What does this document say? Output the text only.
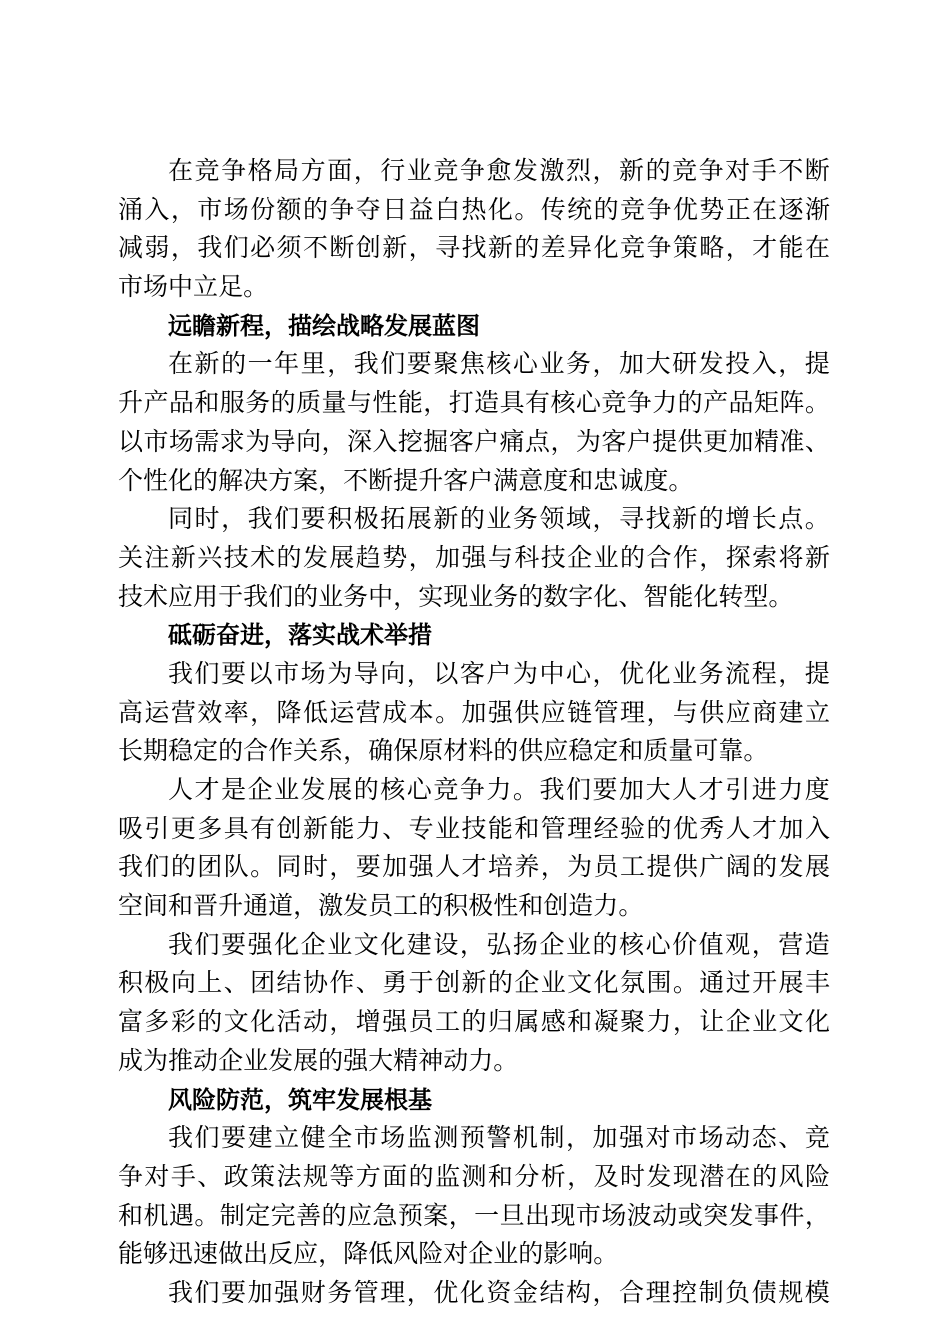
在 竞 争 格 局 方 面 ， 行 业 竞 争 愈 发 激 烈 ， 新 的 竞 争 对 手 不 断
涌 入 ， 市 场 份 额 的 争 夺 日 益 白 热 化 。 传 统 的 竞 争 优 势 正 在 逐 渐
减 弱 ， 我 们 必 须 不 断 创 新 ， 寻 找 新 的 差 异 化 竞 争 策 略 ， 才 能 在
市 场 中 立 足 。
远瞻新程，描绘战略发展蓝图
在 新 的 一 年 里 ， 我 们 要 聚 焦 核 心 业 务 ， 加 大 研 发 投 入 ， 提
升 产 品 和 服 务 的 质 量 与 性 能 ， 打 造 具 有 核 心 竞 争 力 的 产 品 矩 阵 。
以 市 场 需 求 为 导 向 ， 深 入 挖 掘 客 户 痛 点 ， 为 客 户 提 供 更 加 精 准 、
个 性 化 的 解 决 方 案 ， 不 断 提 升 客 户 满 意 度 和 忠 诚 度 。
同 时 ， 我 们 要 积 极 拓 展 新 的 业 务 领 域 ， 寻 找 新 的 增 长 点 。
关 注 新 兴 技 术 的 发 展 趋 势 ， 加 强 与 科 技 企 业 的 合 作 ， 探 索 将 新
技 术 应 用 于 我 们 的 业 务 中 ， 实 现 业 务 的 数 字 化 、 智 能 化 转 型 。
砥砺奋进，落实战术举措
我 们 要 以 市 场 为 导 向 ， 以 客 户 为 中 心 ， 优 化 业 务 流 程 ， 提
高 运 营 效 率 ， 降 低 运 营 成 本 。 加 强 供 应 链 管 理 ， 与 供 应 商 建 立
长 期 稳 定 的 合 作 关 系 ， 确 保 原 材 料 的 供 应 稳 定 和 质 量 可 靠 。
人 才 是 企 业 发 展 的 核 心 竞 争 力 。 我 们 要 加 大 人 才 引 进 力 度
吸 引 更 多 具 有 创 新 能 力 、 专 业 技 能 和 管 理 经 验 的 优 秀 人 才 加 入
我 们 的 团 队 。 同 时 ， 要 加 强 人 才 培 养 ， 为 员 工 提 供 广 阔 的 发 展
空 间 和 晋 升 通 道 ， 激 发 员 工 的 积 极 性 和 创 造 力 。
我 们 要 强 化 企 业 文 化 建 设 ， 弘 扬 企 业 的 核 心 价 值 观 ， 营 造
积 极 向 上 、 团 结 协 作 、 勇 于 创 新 的 企 业 文 化 氛 围 。 通 过 开 展 丰
富 多 彩 的 文 化 活 动 ， 增 强 员 工 的 归 属 感 和 凝 聚 力 ， 让 企 业 文 化
成 为 推 动 企 业 发 展 的 强 大 精 神 动 力 。
风险防范，筑牢发展根基
我 们 要 建 立 健 全 市 场 监 测 预 警 机 制 ， 加 强 对 市 场 动 态 、 竞
争 对 手 、 政 策 法 规 等 方 面 的 监 测 和 分 析 ， 及 时 发 现 潜 在 的 风 险
和 机 遇 。 制 定 完 善 的 应 急 预 案 ， 一 旦 出 现 市 场 波 动 或 突 发 事 件 ，
能 够 迅 速 做 出 反 应 ， 降 低 风 险 对 企 业 的 影 响 。
我 们 要 加 强 财 务 管 理 ， 优 化 资 金 结 构 ， 合 理 控 制 负 债 规 模
